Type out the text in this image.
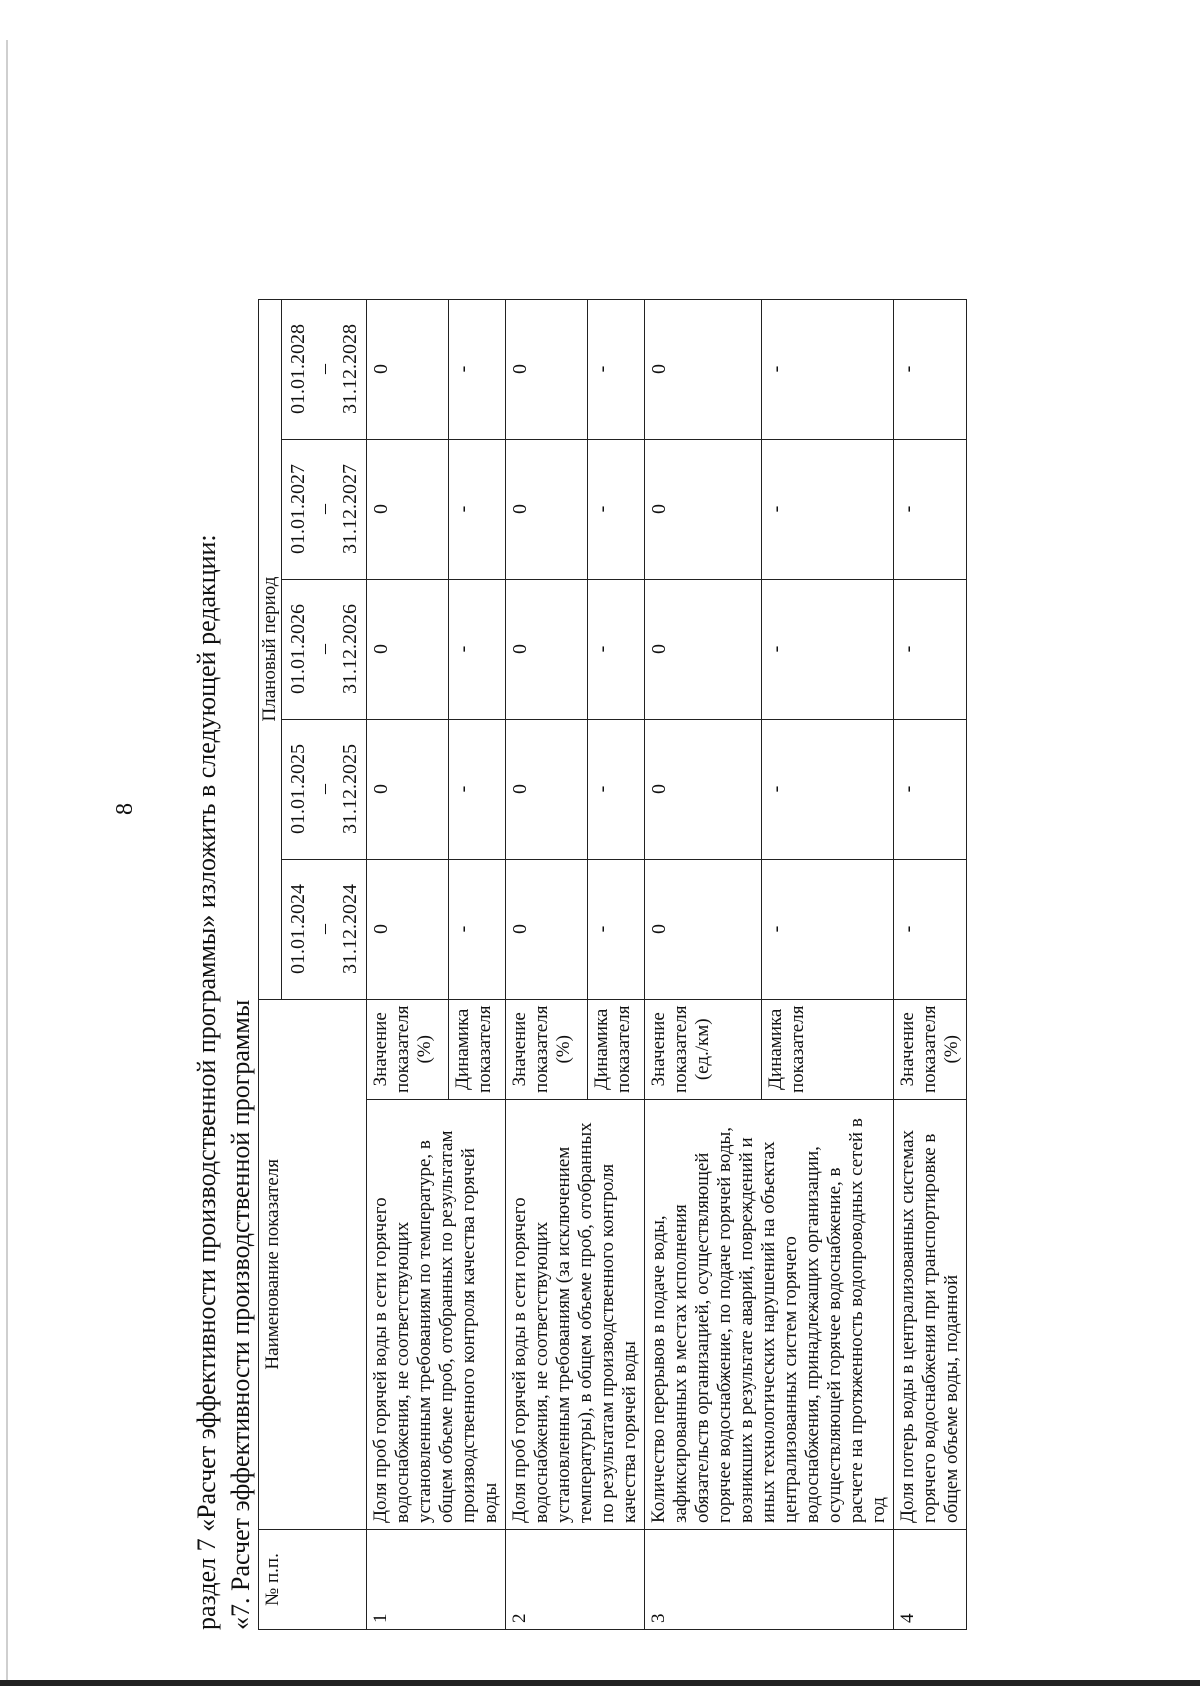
8 раздел 7 «Расчет эффективности производственной программы» изложить в следующей редакции: «7. Расчет эффективности производственной программы № п.п.	Наименование показателя		Плановый период				

			01.01.2024 – 31.12.2024	01.01.2025 – 31.12.2025	01.01.2026 – 31.12.2026	01.01.2027 – 31.12.2027	01.01.2028 – 31.12.2028

1	Доля проб горячей воды в сети горячего водоснабжения, не соответствующих установленным требованиям по температуре, в общем объеме проб, отобранных по результатам производственного контроля качества горячей воды	Значение показателя (%)	0	0	0	0	0
		Динамика показателя	-	-	-	-	-
2	Доля проб горячей воды в сети горячего водоснабжения, не соответствующих установленным требованиям (за исключением температуры), в общем объеме проб, отобранных по результатам производственного контроля качества горячей воды	Значение показателя (%)	0	0	0	0	0
		Динамика показателя	-	-	-	-	-
3	Количество перерывов в подаче воды, зафиксированных в местах исполнения обязательств организацией, осуществляющей горячее водоснабжение, по подаче горячей воды, возникших в результате аварий, повреждений и иных технологических нарушений на объектах централизованных систем горячего водоснабжения, принадлежащих организации, осуществляющей горячее водоснабжение, в расчете на протяженность водопроводных сетей в год	Значение показателя (ед./км)	0	0	0	0	0
		Динамика показателя	-	-	-	-	-
4	Доля потерь воды в централизованных системах горячего водоснабжения при транспортировке в общем объеме воды, поданной	Значение показателя (%)	-	-	-	-	-
